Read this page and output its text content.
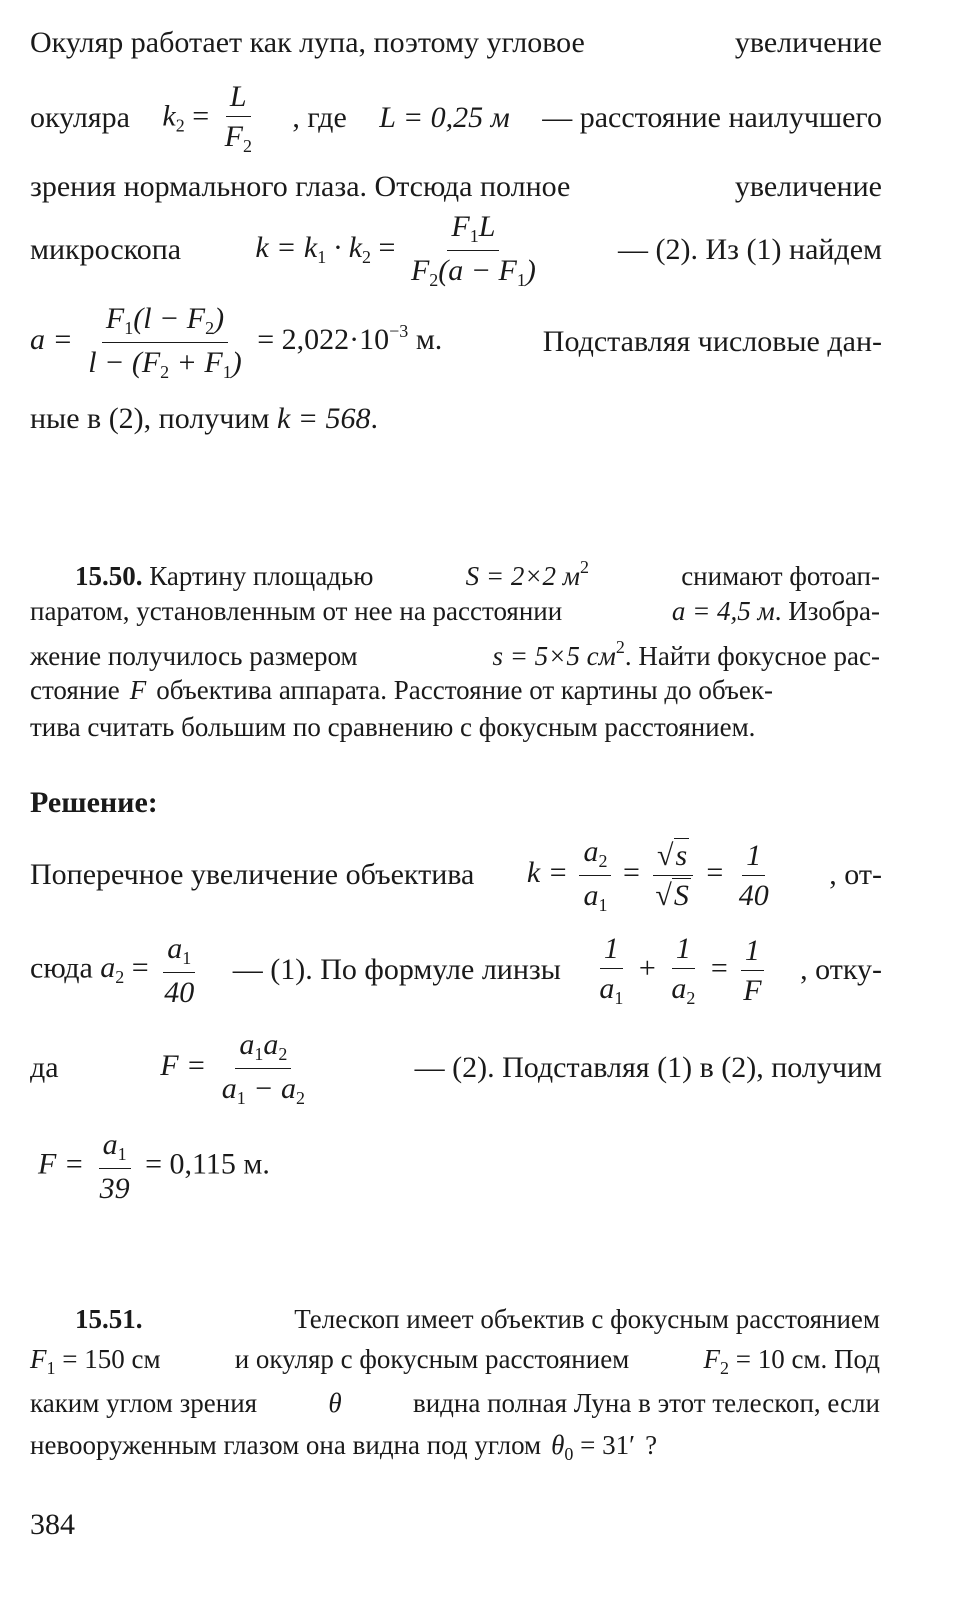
Окуляр работает как лупа, поэтому угловое	увеличение
окуляра $k_2 = \frac{L}{F_2}$ , где L = 0,25 м — расстояние наилучшего
зрения нормального глаза. Отсюда полное	увеличение
микроскопа $k = k_1 \cdot k_2 = \frac{F_1L}{F_2(a - F_1)}$	— (2). Из (1) найдем
$a = \frac{F_1(l - F_2)}{l - (F_2 + F_1)} = 2,022\cdot 10^{-3}$ м.	Подставляя числовые дан-
ные в (2), получим k = 568.
15.50. Картину площадью	S = 2×2 $м^2$	снимают фотоап-
паратом, установленным от нее на расстоянии	a = 4,5 м. Изобра-
жение получилось размером	s = 5×5 $см^2$. Найти фокусное рас-
стояние F объектива аппарата. Расстояние от картины до объек-
тива считать большим по сравнению с фокусным расстоянием.
Решение:
Поперечное увеличение объектива $k = \frac{a_2}{a_1} = \frac{√s}{√S} = \frac{1}{40}$ , от-
сюда $a_2 = \frac{a_1}{40}$ — (1). По формуле линзы $\frac{1}{a_1} + \frac{1}{a_2} = \frac{1}{F}$ , отку-
да	$F = \frac{a_1a_2}{a_1 - a_2}$	— (2). Подставляя (1) в (2), получим
$F = \frac{a_1}{39} = 0,115$ м.
15.51.	Телескоп имеет объектив с фокусным расстоянием
$F_1 = 150$ см	и окуляр с фокусным расстоянием	$F_2 = 10$ см. Под
каким углом зрения	θ	видна полная Луна в этот телескоп, если
невооруженным глазом она видна под углом $\theta_0 = 31'$ ?
384
